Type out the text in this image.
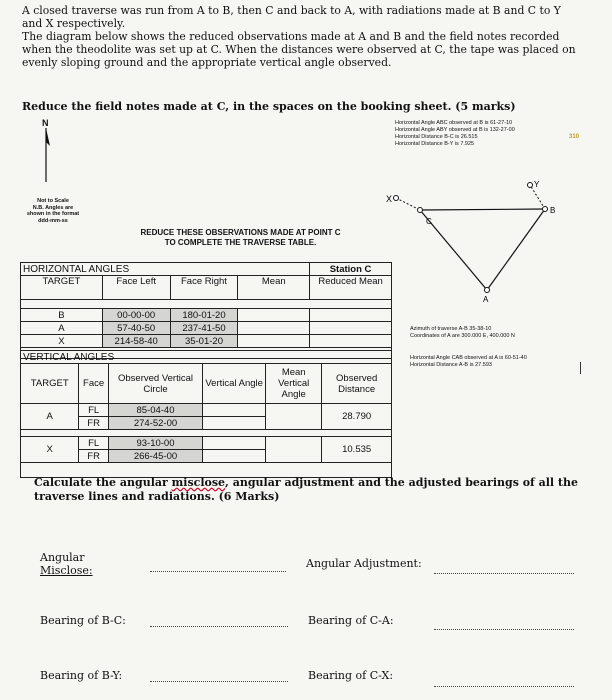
A closed traverse was run from A to B, then C and back to A, with radiations made at B and C to Y and X respectively.

The diagram below shows the reduced observations made at A and B and the field notes recorded when the theodolite was set up at C. When the distances were observed at C, the tape was placed on evenly sloping ground and the appropriate vertical angle observed.

Reduce the field notes made at C, in the spaces on the booking sheet. (5 marks)
N
Not to Scale
N.B. Angles are
shown in the format
ddd-mm-ss
Horizontal Angle ABC observed at B is 61-27-10
Horizontal Angle ABY observed at B is 132-27-00
Horizontal Distance B-C is 26.515
Horizontal Distance B-Y is 7.925
310
X
Y
B
C
A
Azimuth of traverse A-B 35-38-10
Coordinates of A are 300.000 E, 400.000 N
Horizontal Angle CAB observed at A is 60-51-40
Horizontal Distance A-B is 27.593
REDUCE THESE OBSERVATIONS MADE AT POINT C
TO COMPLETE THE TRAVERSE TABLE.
HORIZONTAL ANGLES				Station C
TARGET	Face Left	Face Right	Mean	Reduced Mean

B	00-00-00	180-01-20		
A	57-40-50	237-41-50		
X	214-58-40	35-01-20		

VERTICAL ANGLES					
TARGET	Face	Observed Vertical Circle	Vertical Angle	Mean Vertical Angle	Observed Distance
A	FL	85-04-40			28.790
	FR	274-52-00			

X	FL	93-10-00			10.535
	FR	266-45-00			

Calculate the angular misclose, angular adjustment and the adjusted bearings of all the traverse lines and radiations. (6 Marks)
Angular
Misclose:
Angular Adjustment:
Bearing of B-C:	Bearing of C-A:
Bearing of B-Y:	Bearing of C-X:
